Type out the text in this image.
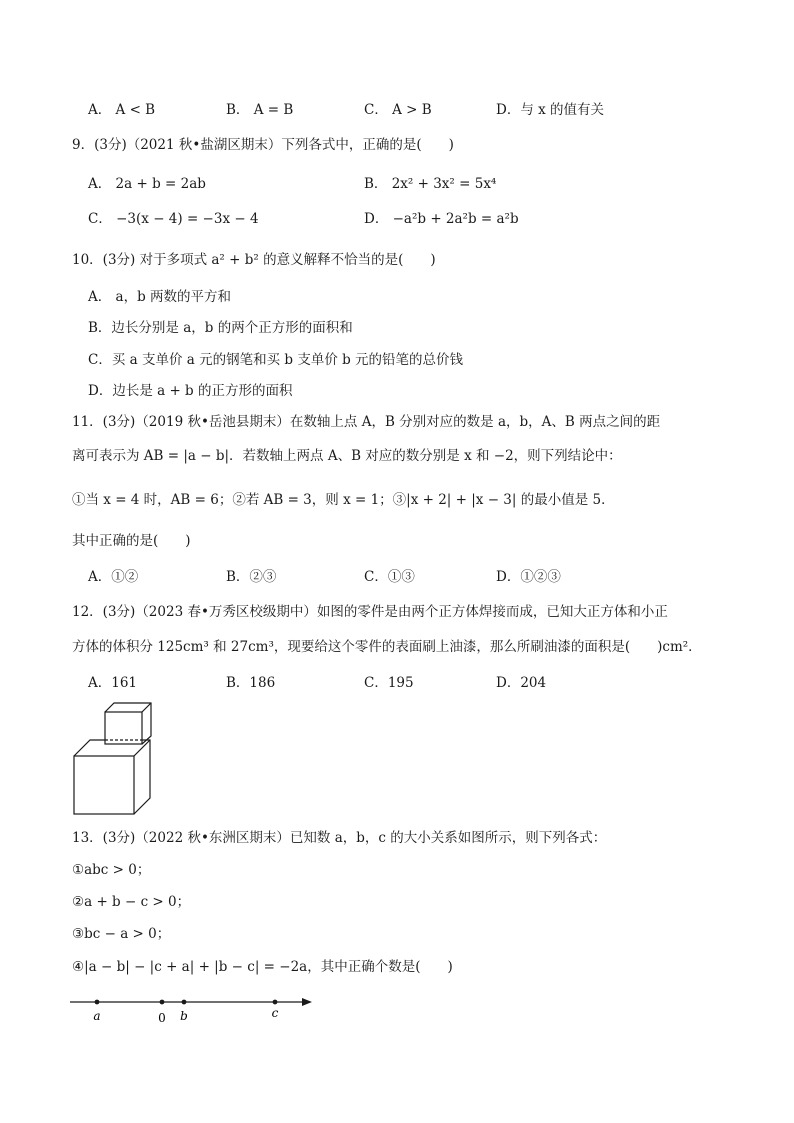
A． A < B	B． A = B	C． A > B	D．与 x 的值有关
9．(3分)（2021 秋•盐湖区期末）下列各式中，正确的是(　　)
A． 2a + b = 2ab	B． 2x² + 3x² = 5x⁴
C． −3(x − 4) = −3x − 4	D． −a²b + 2a²b = a²b
10．(3分) 对于多项式 a² + b² 的意义解释不恰当的是(　　)
A． a，b 两数的平方和
B．边长分别是 a，b 的两个正方形的面积和
C．买 a 支单价 a 元的钢笔和买 b 支单价 b 元的铅笔的总价钱
D．边长是 a + b 的正方形的面积
11．(3分)（2019 秋•岳池县期末）在数轴上点 A，B 分别对应的数是 a，b，A、B 两点之间的距
离可表示为 AB = |a − b|．若数轴上两点 A、B 对应的数分别是 x 和 −2，则下列结论中：
①当 x = 4 时，AB = 6；②若 AB = 3，则 x = 1；③|x + 2| + |x − 3| 的最小值是 5．
其中正确的是(　　)
A．①②	B．②③	C．①③	D．①②③
12．(3分)（2023 春•万秀区校级期中）如图的零件是由两个正方体焊接而成，已知大正方体和小正
方体的体积分 125cm³ 和 27cm³，现要给这个零件的表面刷上油漆，那么所刷油漆的面积是(　　)cm²．
A．161	B．186	C．195	D．204
13．(3分)（2022 秋•东洲区期末）已知数 a，b，c 的大小关系如图所示，则下列各式：
①abc > 0；
②a + b − c > 0；
③bc − a > 0；
④|a − b| − |c + a| + |b − c| = −2a，其中正确个数是(　　)
a	0 b	c
